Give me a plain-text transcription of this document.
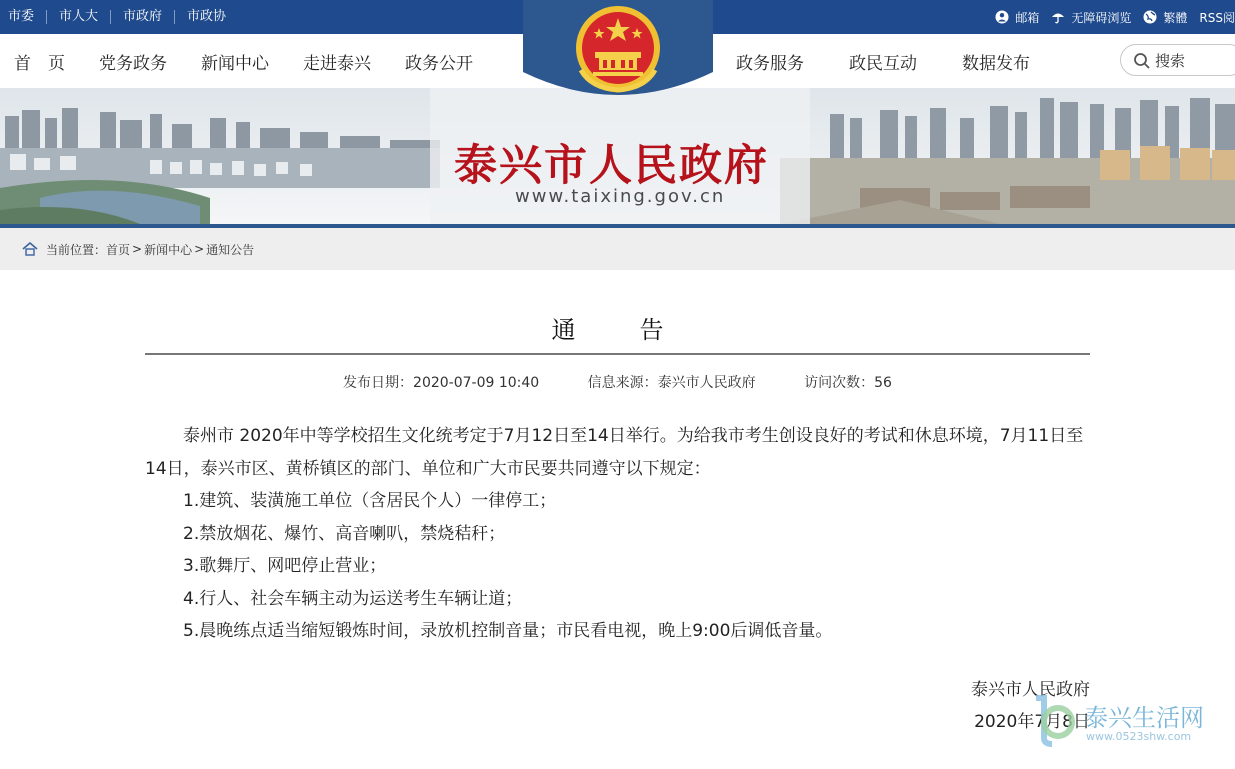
市委	市人大	市政府	市政协	邮箱	无障碍浏览	繁體 RSS阅
首　页 党务政务 新闻中心 走进泰兴 政务公开	政务服务	政民互动	数据发布	搜索
泰兴市人民政府
www.taixing.gov.cn
当前位置： 首页 > 新闻中心 > 通知公告
通　告
发布日期：2020-07-09 10:40	信息来源：泰兴市人民政府	访问次数：56

泰州市 2020年中等学校招生文化统考定于7月12日至14日举行。为给我市考生创设良好的考试和休息环境，7月11日至14日，泰兴市区、黄桥镇区的部门、单位和广大市民要共同遵守以下规定：

1.建筑、装潢施工单位（含居民个人）一律停工；

2.禁放烟花、爆竹、高音喇叭，禁烧秸秆；

3.歌舞厅、网吧停止营业；

4.行人、社会车辆主动为运送考生车辆让道；

5.晨晚练点适当缩短锻炼时间，录放机控制音量；市民看电视，晚上9:00后调低音量。

泰兴市人民政府
2020年7月8日
泰兴生活网
www.0523shw.com
